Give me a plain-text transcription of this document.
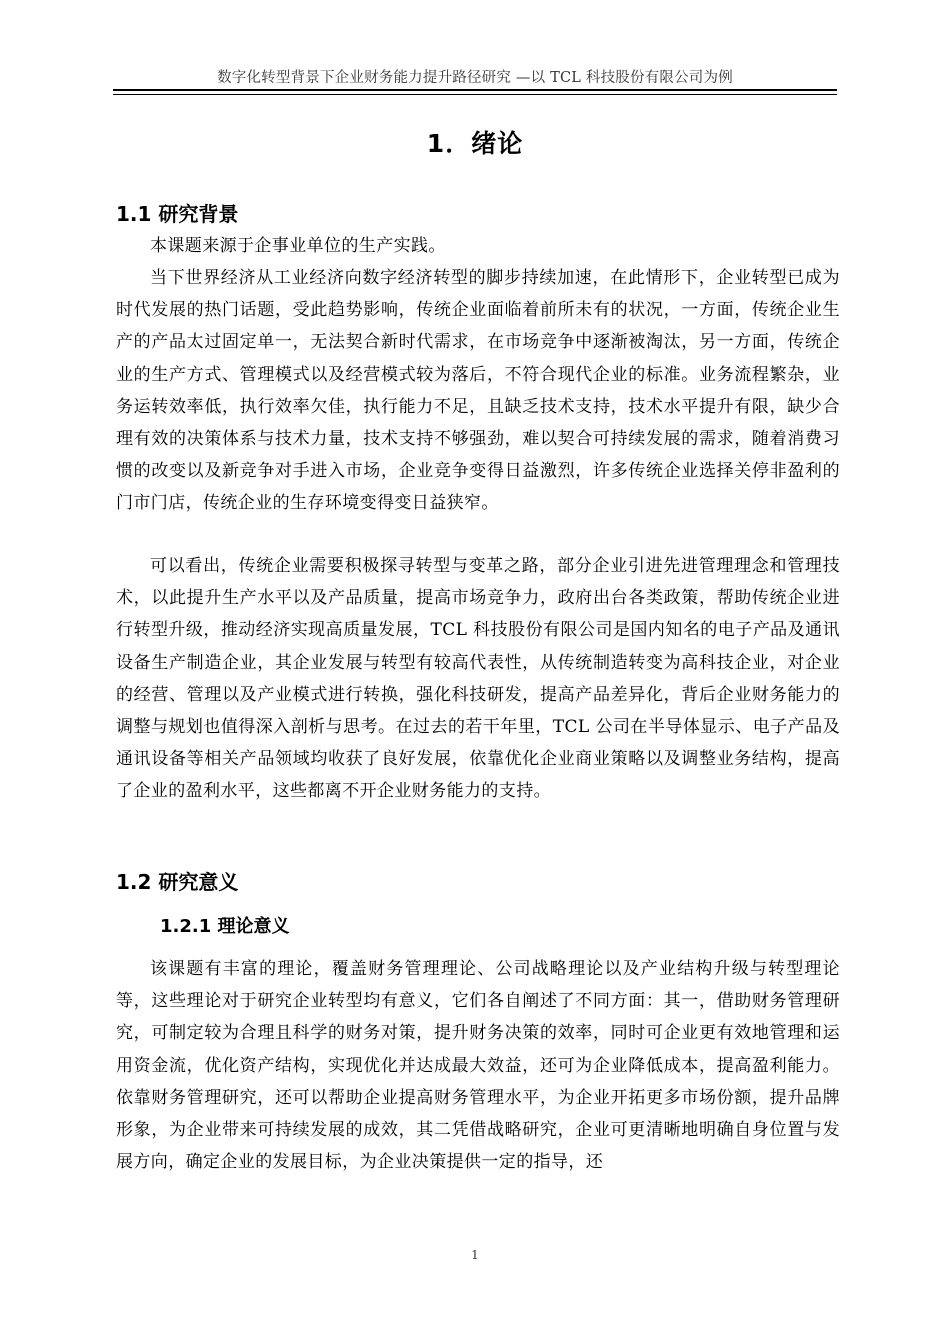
数字化转型背景下企业财务能力提升路径研究 —以 TCL 科技股份有限公司为例
1．绪论
1.1 研究背景
本课题来源于企事业单位的生产实践。
当下世界经济从工业经济向数字经济转型的脚步持续加速，在此情形下，企业转型已成为时代发展的热门话题，受此趋势影响，传统企业面临着前所未有的状况，一方面，传统企业生产的产品太过固定单一，无法契合新时代需求，在市场竞争中逐渐被淘汰，另一方面，传统企业的生产方式、管理模式以及经营模式较为落后，不符合现代企业的标准。业务流程繁杂，业务运转效率低，执行效率欠佳，执行能力不足，且缺乏技术支持，技术水平提升有限，缺少合理有效的决策体系与技术力量，技术支持不够强劲，难以契合可持续发展的需求，随着消费习惯的改变以及新竞争对手进入市场，企业竞争变得日益激烈，许多传统企业选择关停非盈利的门市门店，传统企业的生存环境变得变日益狭窄。
可以看出，传统企业需要积极探寻转型与变革之路，部分企业引进先进管理理念和管理技术，以此提升生产水平以及产品质量，提高市场竞争力，政府出台各类政策，帮助传统企业进行转型升级，推动经济实现高质量发展，TCL 科技股份有限公司是国内知名的电子产品及通讯设备生产制造企业，其企业发展与转型有较高代表性，从传统制造转变为高科技企业，对企业的经营、管理以及产业模式进行转换，强化科技研发，提高产品差异化，背后企业财务能力的调整与规划也值得深入剖析与思考。在过去的若干年里，TCL 公司在半导体显示、电子产品及通讯设备等相关产品领域均收获了良好发展，依靠优化企业商业策略以及调整业务结构，提高了企业的盈利水平，这些都离不开企业财务能力的支持。
1.2 研究意义
1.2.1 理论意义
该课题有丰富的理论，覆盖财务管理理论、公司战略理论以及产业结构升级与转型理论等，这些理论对于研究企业转型均有意义，它们各自阐述了不同方面：其一，借助财务管理研究，可制定较为合理且科学的财务对策，提升财务决策的效率，同时可企业更有效地管理和运用资金流，优化资产结构，实现优化并达成最大效益，还可为企业降低成本，提高盈利能力。依靠财务管理研究，还可以帮助企业提高财务管理水平，为企业开拓更多市场份额，提升品牌形象，为企业带来可持续发展的成效，其二凭借战略研究，企业可更清晰地明确自身位置与发展方向，确定企业的发展目标，为企业决策提供一定的指导，还
1
